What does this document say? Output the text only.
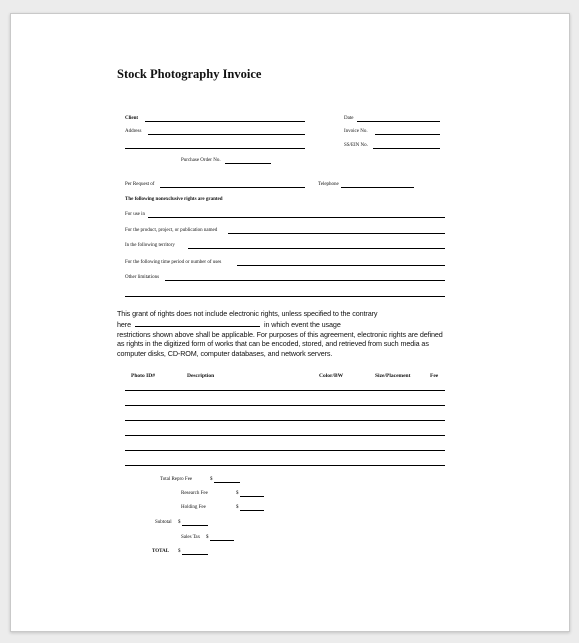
Stock Photography Invoice
Client
Address
Date
Invoice No.
SS/EIN No.
Purchase Order No.
Per Request of	Telephone
The following nonexclusive rights are granted
For use in
For the product, project, or publication named
In the following territory
For the following time period or number of uses
Other limitations

This grant of rights does not include electronic rights, unless specified to the contrary

here	in which event the usage

restrictions shown above shall be applicable. For purposes of this agreement, electronic rights are defined as rights in the digitized form of works that can be encoded, stored, and retrieved from such media as computer disks, CD-ROM, computer databases, and network servers.

Photo ID#	Description	Color/BW	Size/Placement	Fee
Total Repro Fee	$
Research Fee	$
Holding Fee	$
Subtotal $
Sales Tax $
TOTAL $
